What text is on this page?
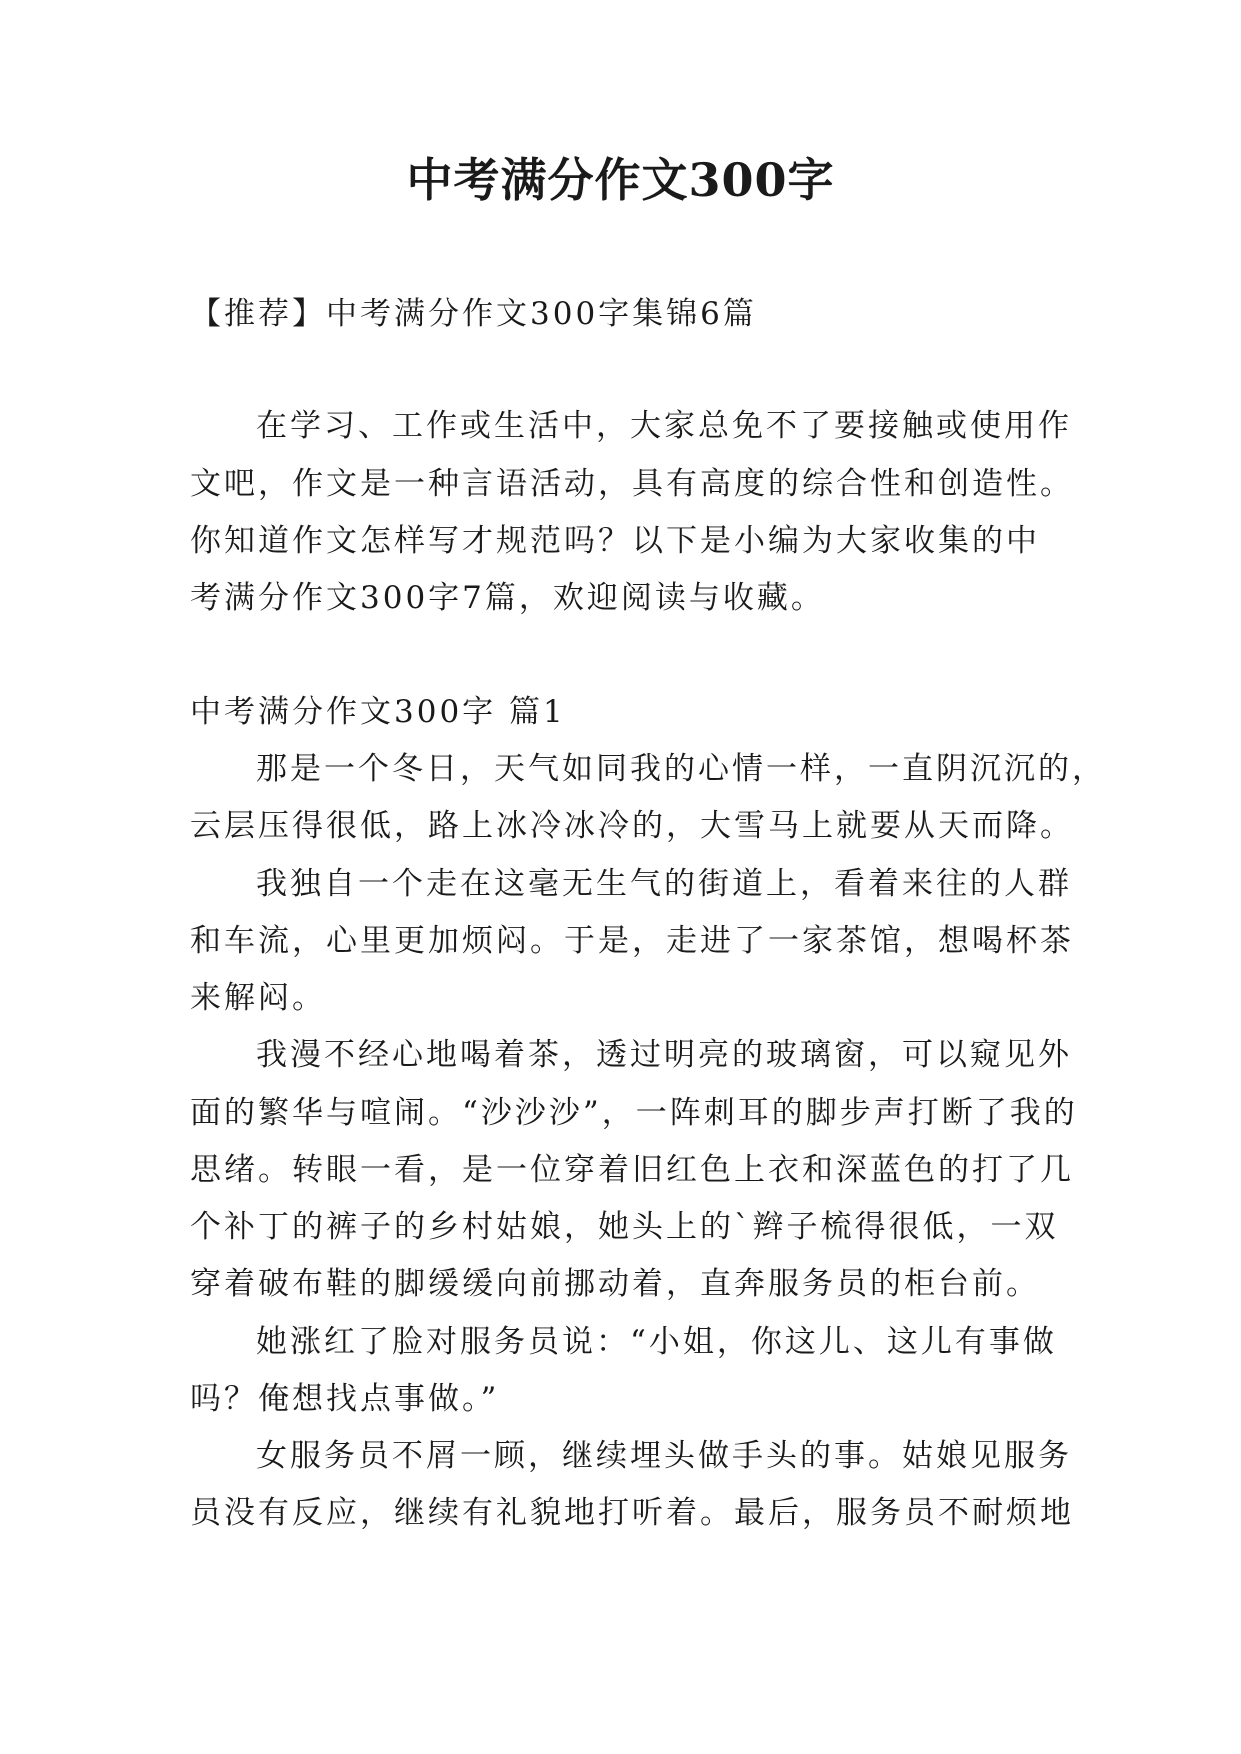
中考满分作文300字

【推荐】中考满分作文300字集锦6篇

在学习、工作或生活中，大家总免不了要接触或使用作

文吧，作文是一种言语活动，具有高度的综合性和创造性。

你知道作文怎样写才规范吗？以下是小编为大家收集的中

考满分作文300字7篇，欢迎阅读与收藏。

中考满分作文300字 篇1

那是一个冬日，天气如同我的心情一样，一直阴沉沉的，

云层压得很低，路上冰冷冰冷的，大雪马上就要从天而降。

我独自一个走在这毫无生气的街道上，看着来往的人群

和车流，心里更加烦闷。于是，走进了一家茶馆，想喝杯茶

来解闷。

我漫不经心地喝着茶，透过明亮的玻璃窗，可以窥见外

面的繁华与喧闹。“沙沙沙”，一阵刺耳的脚步声打断了我的

思绪。转眼一看，是一位穿着旧红色上衣和深蓝色的打了几

个补丁的裤子的乡村姑娘，她头上的`辫子梳得很低，一双

穿着破布鞋的脚缓缓向前挪动着，直奔服务员的柜台前。

她涨红了脸对服务员说：“小姐，你这儿、这儿有事做

吗？俺想找点事做。”

女服务员不屑一顾，继续埋头做手头的事。姑娘见服务

员没有反应，继续有礼貌地打听着。最后，服务员不耐烦地
